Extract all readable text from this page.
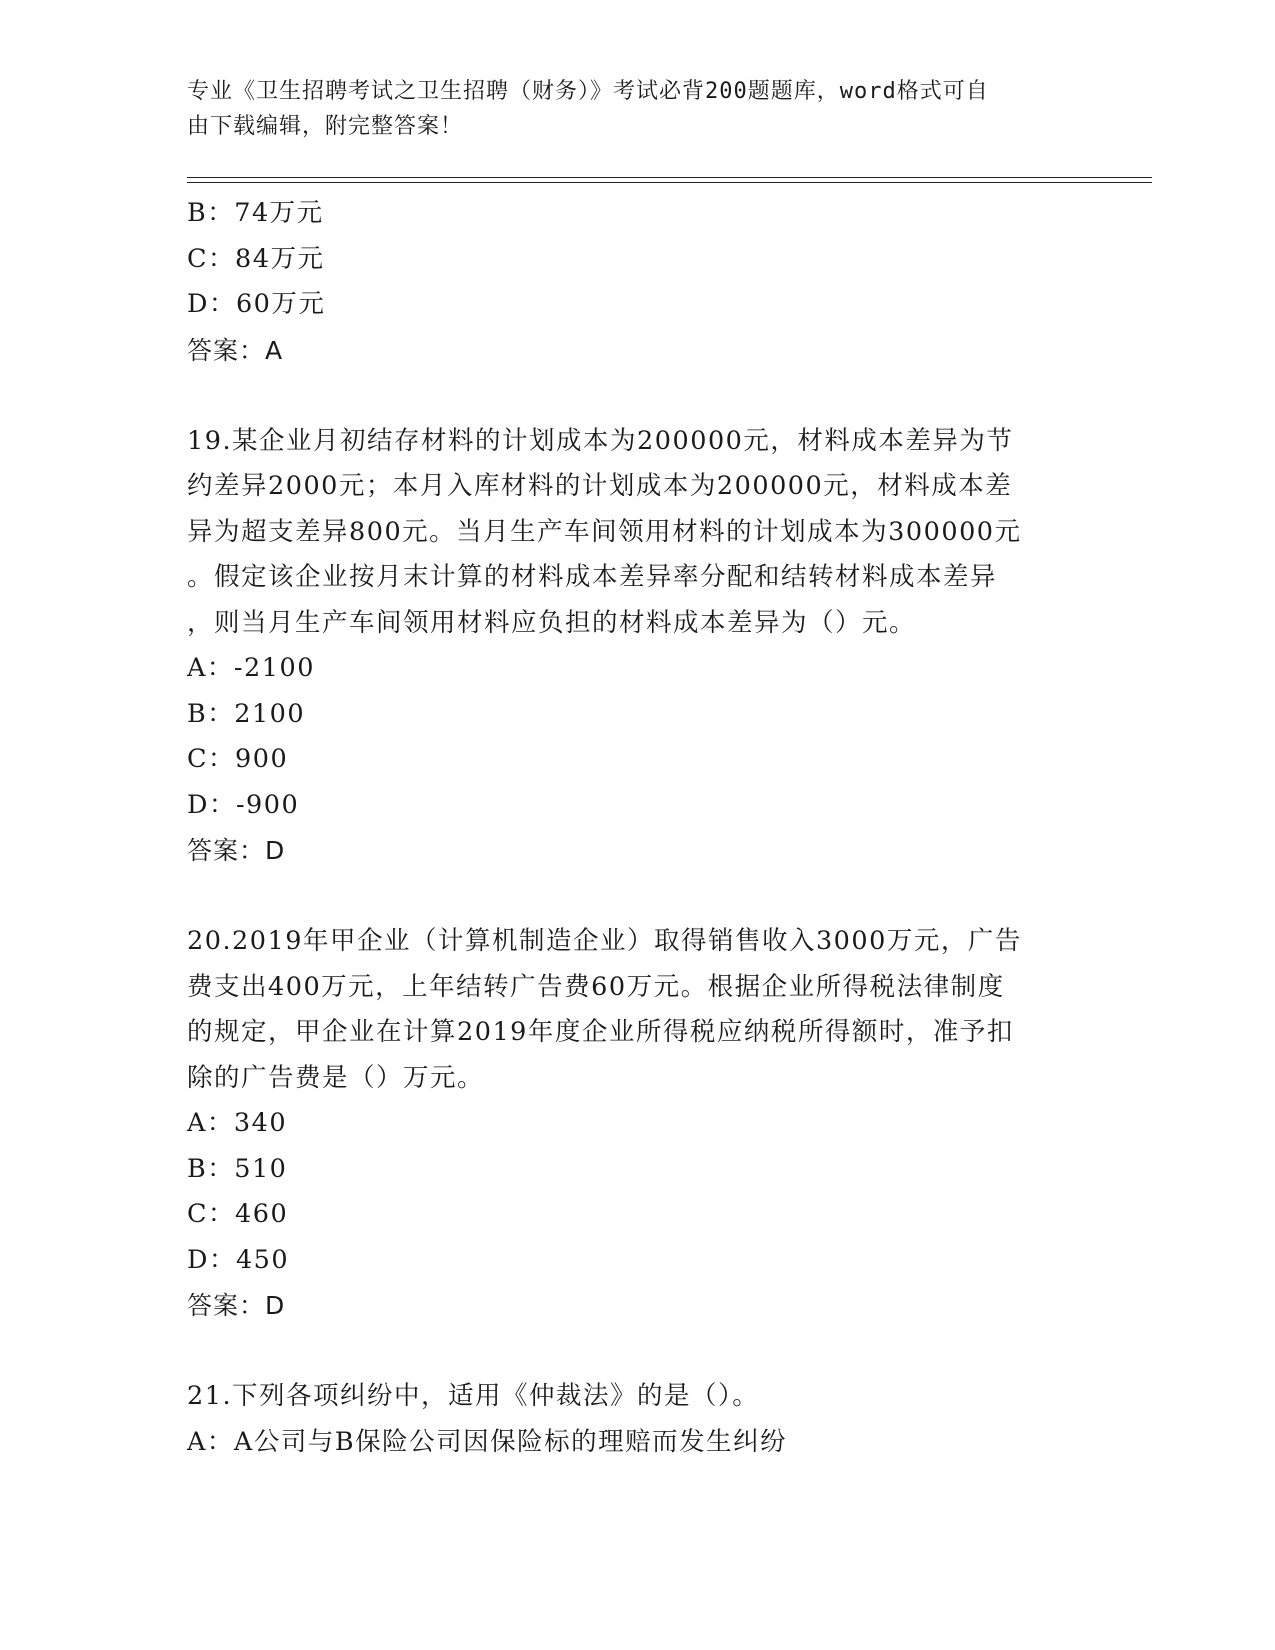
专业《卫生招聘考试之卫生招聘（财务）》考试必背200题题库，word格式可自
由下载编辑，附完整答案！
B：74万元
C：84万元
D：60万元
答案：A
19.某企业月初结存材料的计划成本为200000元，材料成本差异为节
约差异2000元；本月入库材料的计划成本为200000元，材料成本差
异为超支差异800元。当月生产车间领用材料的计划成本为300000元
。假定该企业按月末计算的材料成本差异率分配和结转材料成本差异
，则当月生产车间领用材料应负担的材料成本差异为（）元。
A：-2100
B：2100
C：900
D：-900
答案：D
20.2019年甲企业（计算机制造企业）取得销售收入3000万元，广告
费支出400万元，上年结转广告费60万元。根据企业所得税法律制度
的规定，甲企业在计算2019年度企业所得税应纳税所得额时，准予扣
除的广告费是（）万元。
A：340
B：510
C：460
D：450
答案：D
21.下列各项纠纷中，适用《仲裁法》的是（）。
A：A公司与B保险公司因保险标的理赔而发生纠纷
